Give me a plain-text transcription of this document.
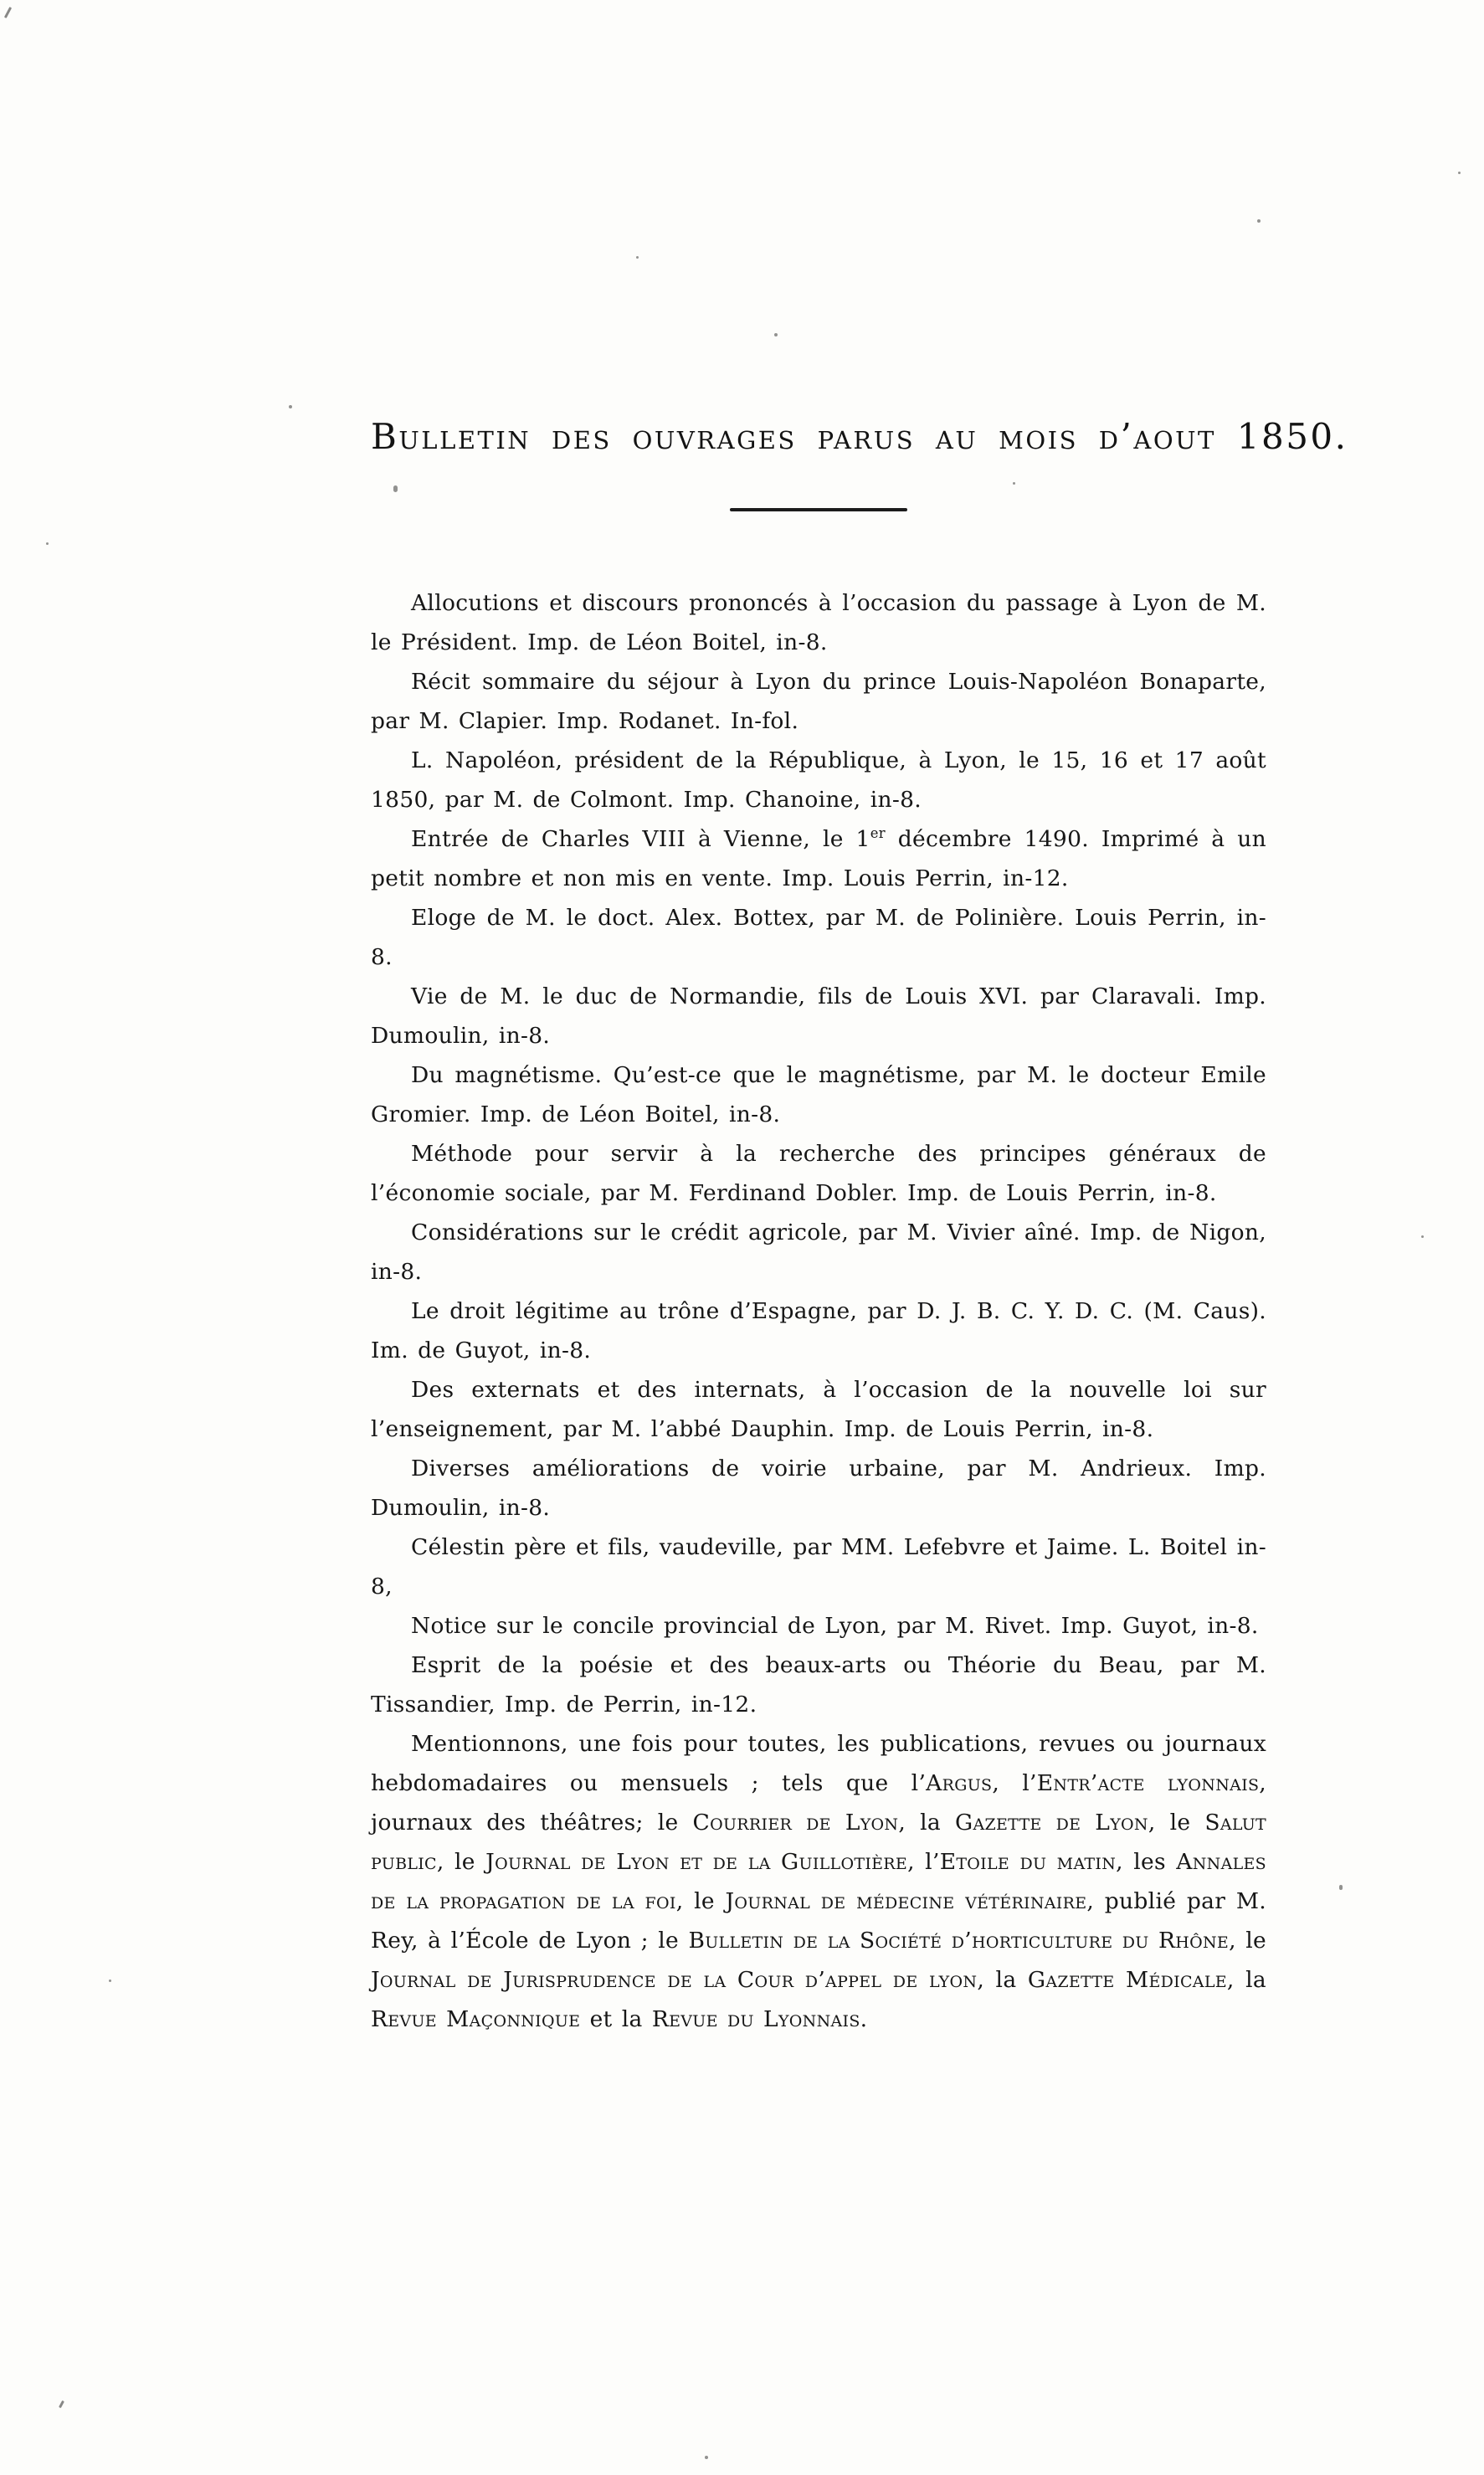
Bulletin des ouvrages parus au mois d’aout 1850.

Allocutions et discours prononcés à l’occasion du passage à Lyon de M. le Président. Imp. de Léon Boitel, in-8.

Récit sommaire du séjour à Lyon du prince Louis-Napoléon Bonaparte, par M. Clapier. Imp. Rodanet. In-fol.

L. Napoléon, président de la République, à Lyon, le 15, 16 et 17 août 1850, par M. de Colmont. Imp. Chanoine, in-8.

Entrée de Charles VIII à Vienne, le 1er décembre 1490. Imprimé à un petit nombre et non mis en vente. Imp. Louis Perrin, in-12.

Eloge de M. le doct. Alex. Bottex, par M. de Polinière. Louis Perrin, in-8.

Vie de M. le duc de Normandie, fils de Louis XVI. par Claravali. Imp. Dumoulin, in-8.

Du magnétisme. Qu’est-ce que le magnétisme, par M. le docteur Emile Gromier. Imp. de Léon Boitel, in-8.

Méthode pour servir à la recherche des principes généraux de l’économie sociale, par M. Ferdinand Dobler. Imp. de Louis Perrin, in-8.

Considérations sur le crédit agricole, par M. Vivier aîné. Imp. de Nigon, in-8.

Le droit légitime au trône d’Espagne, par D. J. B. C. Y. D. C. (M. Caus). Im. de Guyot, in-8.

Des externats et des internats, à l’occasion de la nouvelle loi sur l’enseignement, par M. l’abbé Dauphin. Imp. de Louis Perrin, in-8.

Diverses améliorations de voirie urbaine, par M. Andrieux. Imp. Dumoulin, in-8.

Célestin père et fils, vaudeville, par MM. Lefebvre et Jaime. L. Boitel in-8,

Notice sur le concile provincial de Lyon, par M. Rivet. Imp. Guyot, in-8.

Esprit de la poésie et des beaux-arts ou Théorie du Beau, par M. Tissandier, Imp. de Perrin, in-12.

Mentionnons, une fois pour toutes, les publications, revues ou journaux hebdomadaires ou mensuels ; tels que l’Argus, l’Entr’acte lyonnais, journaux des théâtres; le Courrier de Lyon, la Gazette de Lyon, le Salut public, le Journal de Lyon et de la Guillotière, l’Etoile du matin, les Annales de la propagation de la foi, le Journal de médecine vétérinaire, publié par M. Rey, à l’École de Lyon ; le Bulletin de la Société d’horticulture du Rhône, le Journal de Jurisprudence de la Cour d’appel de lyon, la Gazette Médicale, la Revue Maçonnique et la Revue du Lyonnais.
